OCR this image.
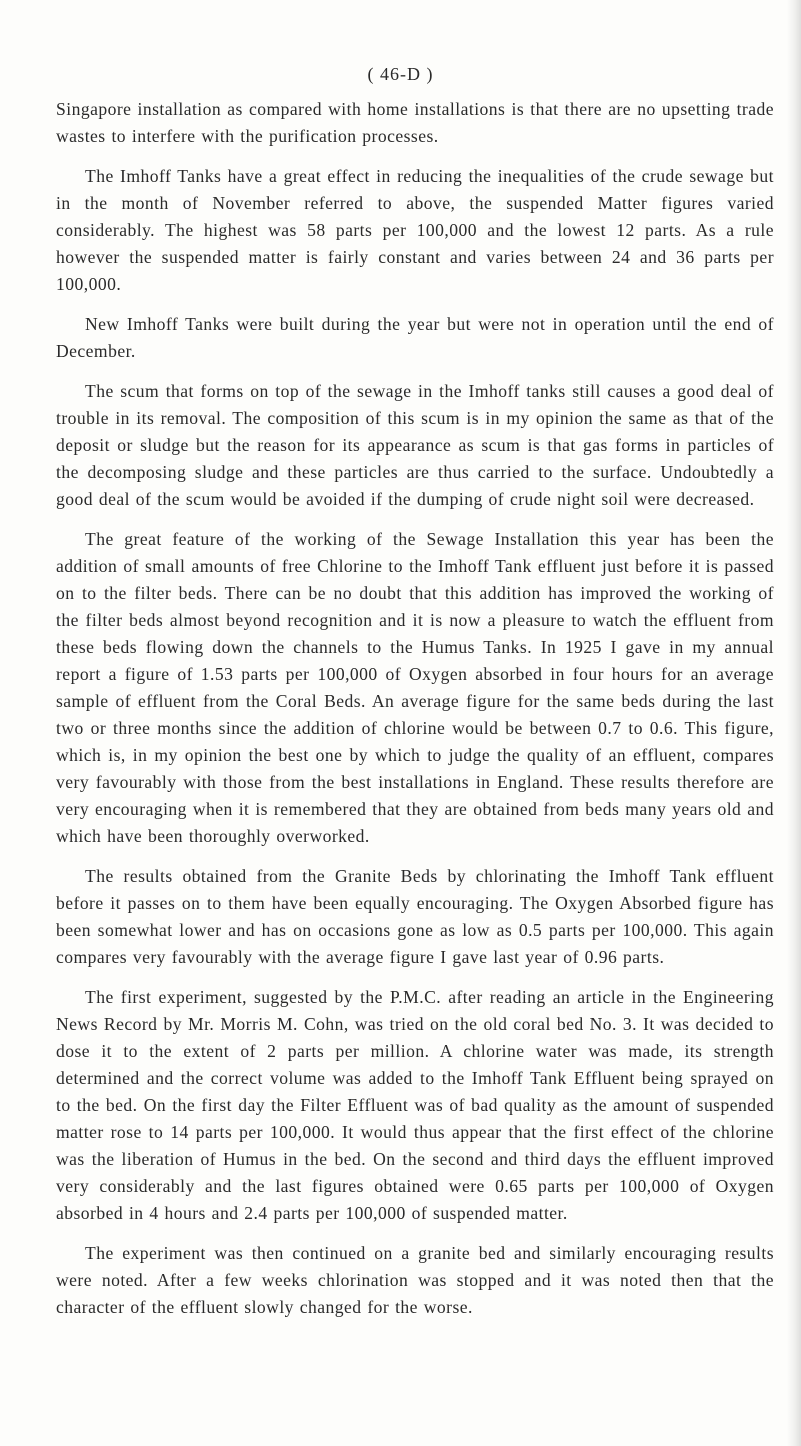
( 46-D )

Singapore installation as compared with home installations is that there are no upsetting trade wastes to interfere with the purification processes.

The Imhoff Tanks have a great effect in reducing the inequalities of the crude sewage but in the month of November referred to above, the suspended Matter figures varied considerably. The highest was 58 parts per 100,000 and the lowest 12 parts. As a rule however the suspended matter is fairly constant and varies between 24 and 36 parts per 100,000.

New Imhoff Tanks were built during the year but were not in operation until the end of December.

The scum that forms on top of the sewage in the Imhoff tanks still causes a good deal of trouble in its removal. The composition of this scum is in my opinion the same as that of the deposit or sludge but the reason for its appearance as scum is that gas forms in particles of the decomposing sludge and these particles are thus carried to the surface. Undoubtedly a good deal of the scum would be avoided if the dumping of crude night soil were decreased.

The great feature of the working of the Sewage Installation this year has been the addition of small amounts of free Chlorine to the Imhoff Tank effluent just before it is passed on to the filter beds. There can be no doubt that this addition has improved the working of the filter beds almost beyond recognition and it is now a pleasure to watch the effluent from these beds flowing down the channels to the Humus Tanks. In 1925 I gave in my annual report a figure of 1.53 parts per 100,000 of Oxygen absorbed in four hours for an average sample of effluent from the Coral Beds. An average figure for the same beds during the last two or three months since the addition of chlorine would be between 0.7 to 0.6. This figure, which is, in my opinion the best one by which to judge the quality of an effluent, compares very favourably with those from the best installations in England. These results therefore are very encouraging when it is remembered that they are obtained from beds many years old and which have been thoroughly overworked.

The results obtained from the Granite Beds by chlorinating the Imhoff Tank effluent before it passes on to them have been equally encouraging. The Oxygen Absorbed figure has been somewhat lower and has on occasions gone as low as 0.5 parts per 100,000. This again compares very favourably with the average figure I gave last year of 0.96 parts.

The first experiment, suggested by the P.M.C. after reading an article in the Engineering News Record by Mr. Morris M. Cohn, was tried on the old coral bed No. 3. It was decided to dose it to the extent of 2 parts per million. A chlorine water was made, its strength determined and the correct volume was added to the Imhoff Tank Effluent being sprayed on to the bed. On the first day the Filter Effluent was of bad quality as the amount of suspended matter rose to 14 parts per 100,000. It would thus appear that the first effect of the chlorine was the liberation of Humus in the bed. On the second and third days the effluent improved very considerably and the last figures obtained were 0.65 parts per 100,000 of Oxygen absorbed in 4 hours and 2.4 parts per 100,000 of suspended matter.

The experiment was then continued on a granite bed and similarly encouraging results were noted. After a few weeks chlorination was stopped and it was noted then that the character of the effluent slowly changed for the worse.
